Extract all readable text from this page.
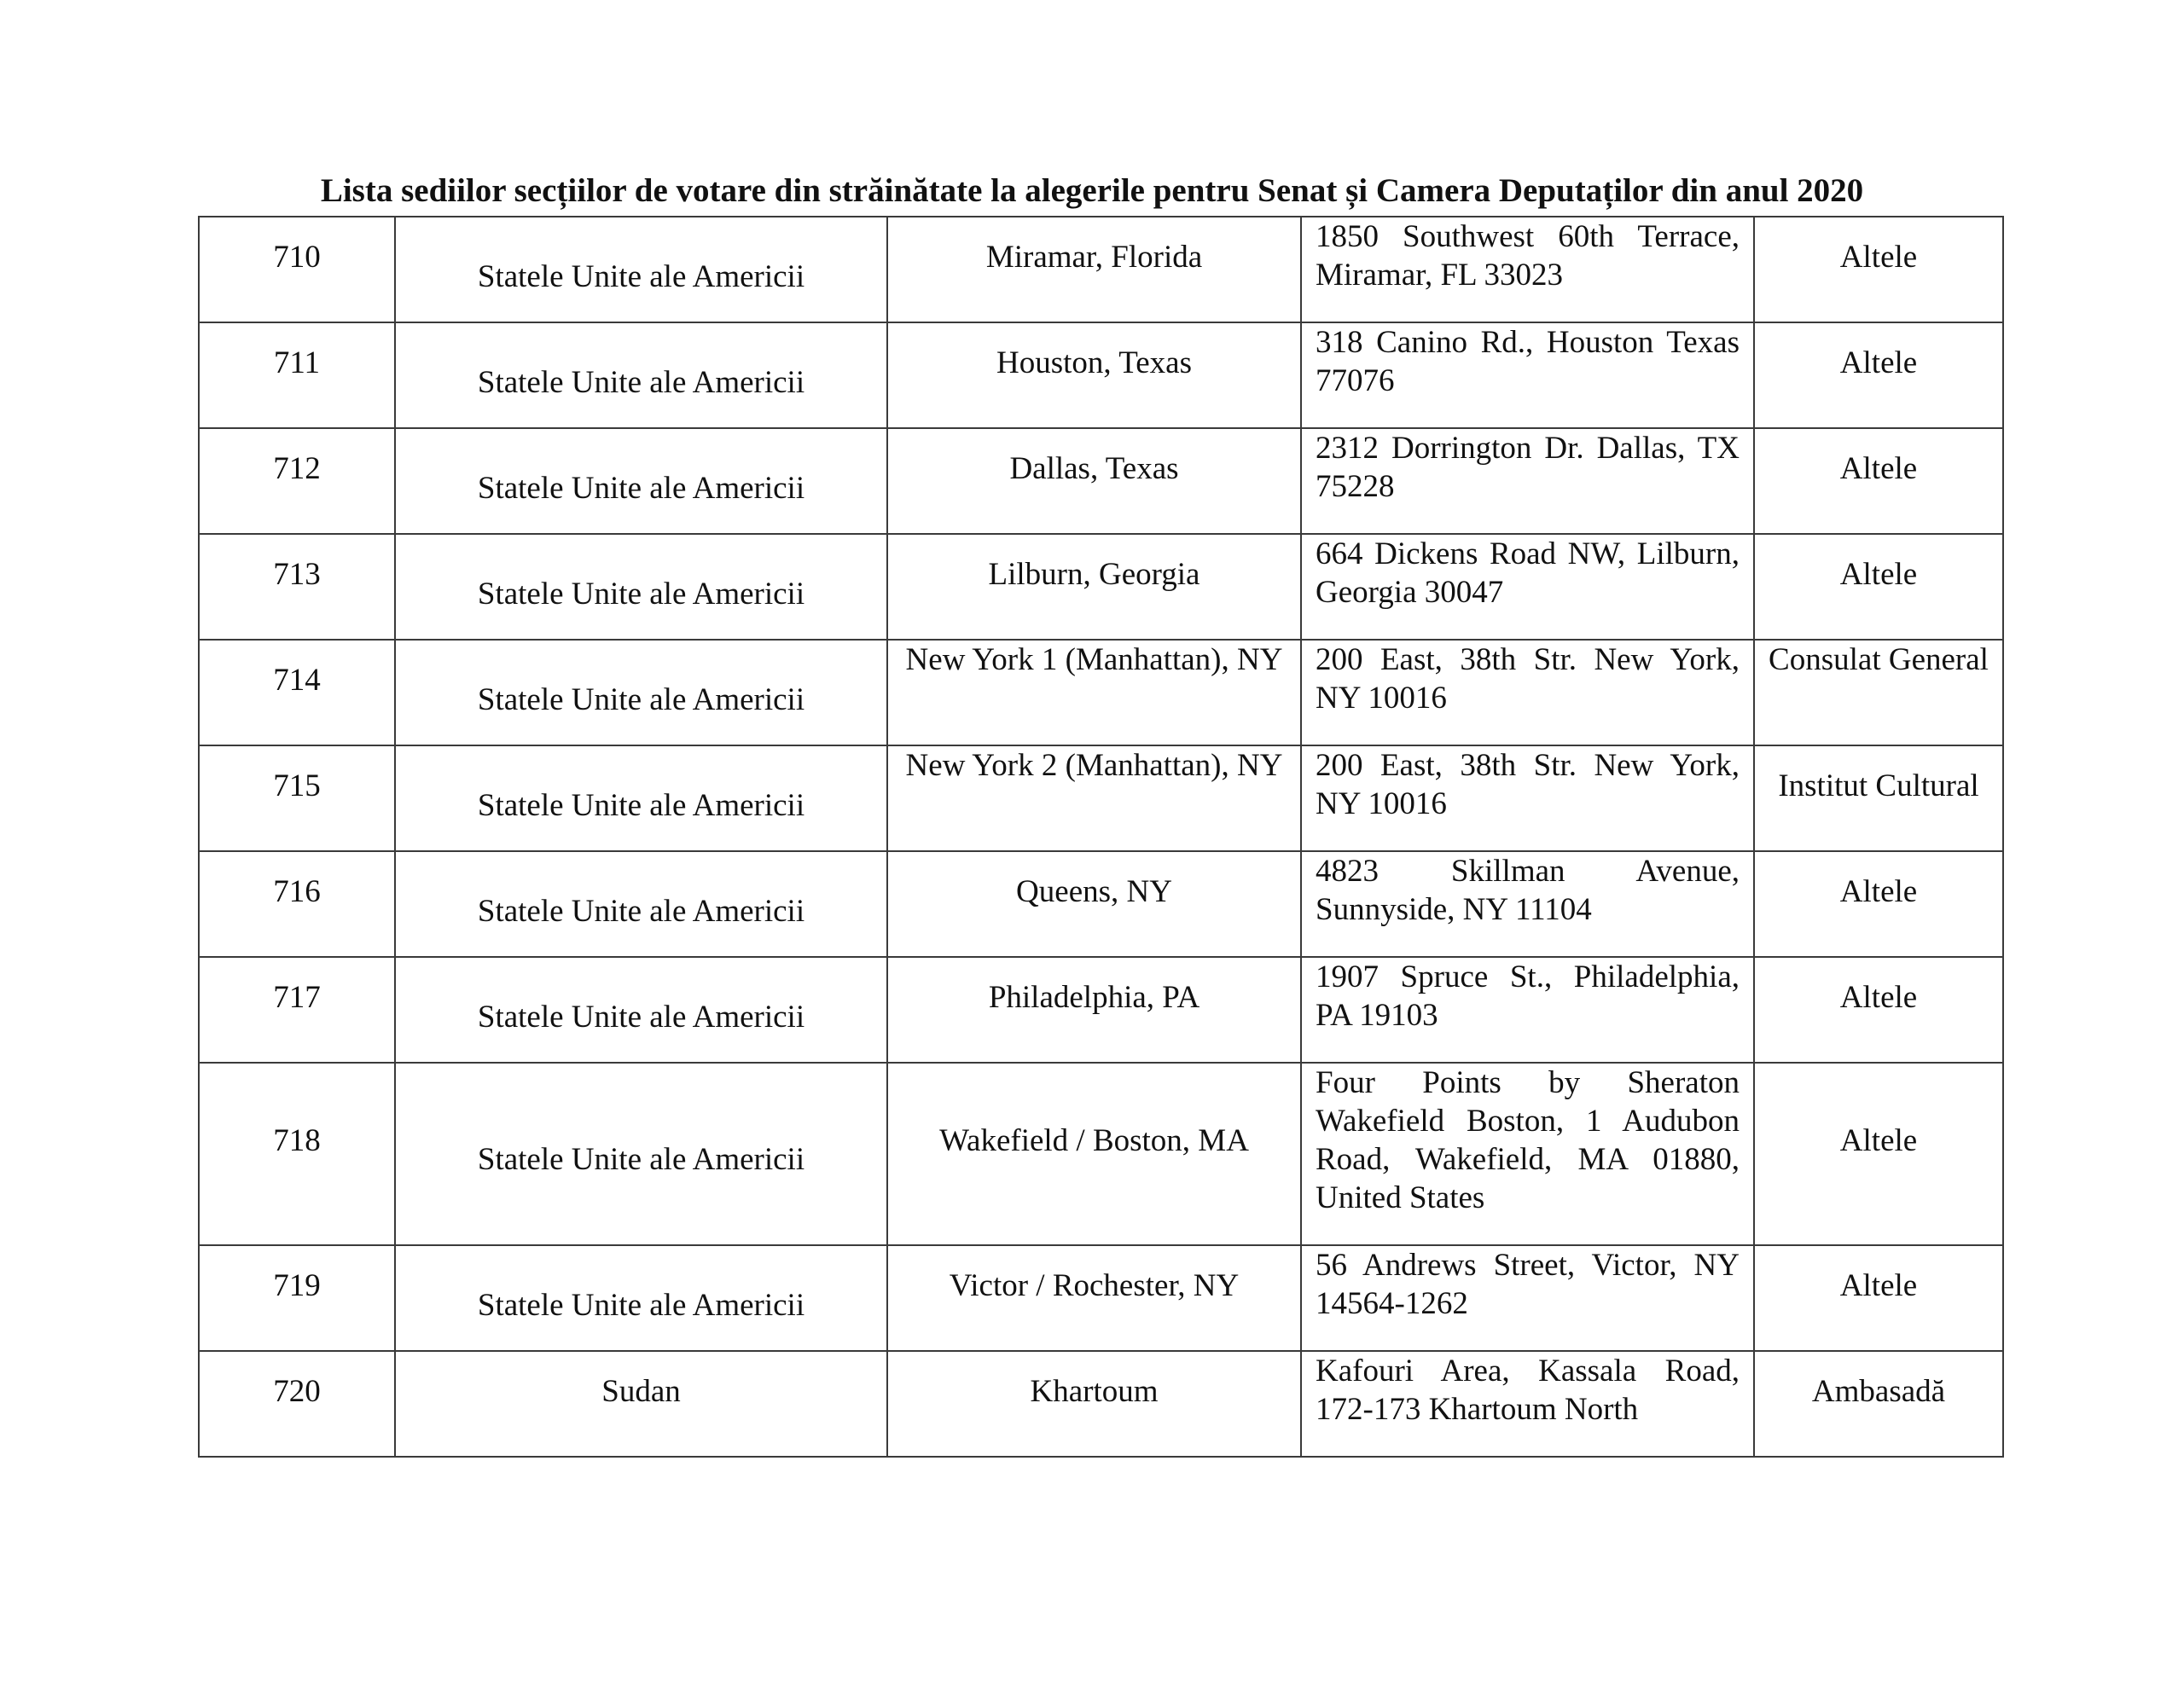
Lista sediilor secțiilor de votare din străinătate la alegerile pentru Senat și Camera Deputaților din anul 2020
710	Statele Unite ale Americii	Miramar, Florida	1850 Southwest 60th Terrace, Miramar, FL 33023	Altele

711	Statele Unite ale Americii	Houston, Texas	318 Canino Rd., Houston Texas 77076	Altele

712	Statele Unite ale Americii	Dallas, Texas	2312 Dorrington Dr. Dallas, TX 75228	Altele

713	Statele Unite ale Americii	Lilburn, Georgia	664 Dickens Road NW, Lilburn, Georgia 30047	Altele

714	Statele Unite ale Americii	New York 1 (Manhattan), NY	200 East, 38th Str. New York, NY 10016	Consulat General

715	Statele Unite ale Americii	New York 2 (Manhattan), NY	200 East, 38th Str. New York, NY 10016	Institut Cultural

716	Statele Unite ale Americii	Queens, NY	4823 Skillman Avenue, Sunnyside, NY 11104	Altele

717	Statele Unite ale Americii	Philadelphia, PA	1907 Spruce St., Philadelphia, PA 19103	Altele

718	Statele Unite ale Americii	Wakefield / Boston, MA	Four Points by Sheraton Wakefield Boston, 1 Audubon Road, Wakefield, MA 01880, United States	Altele

719	Statele Unite ale Americii	Victor / Rochester, NY	56 Andrews Street, Victor, NY 14564-1262	Altele

720	Sudan	Khartoum	Kafouri Area, Kassala Road, 172-173 Khartoum North	Ambasadă
